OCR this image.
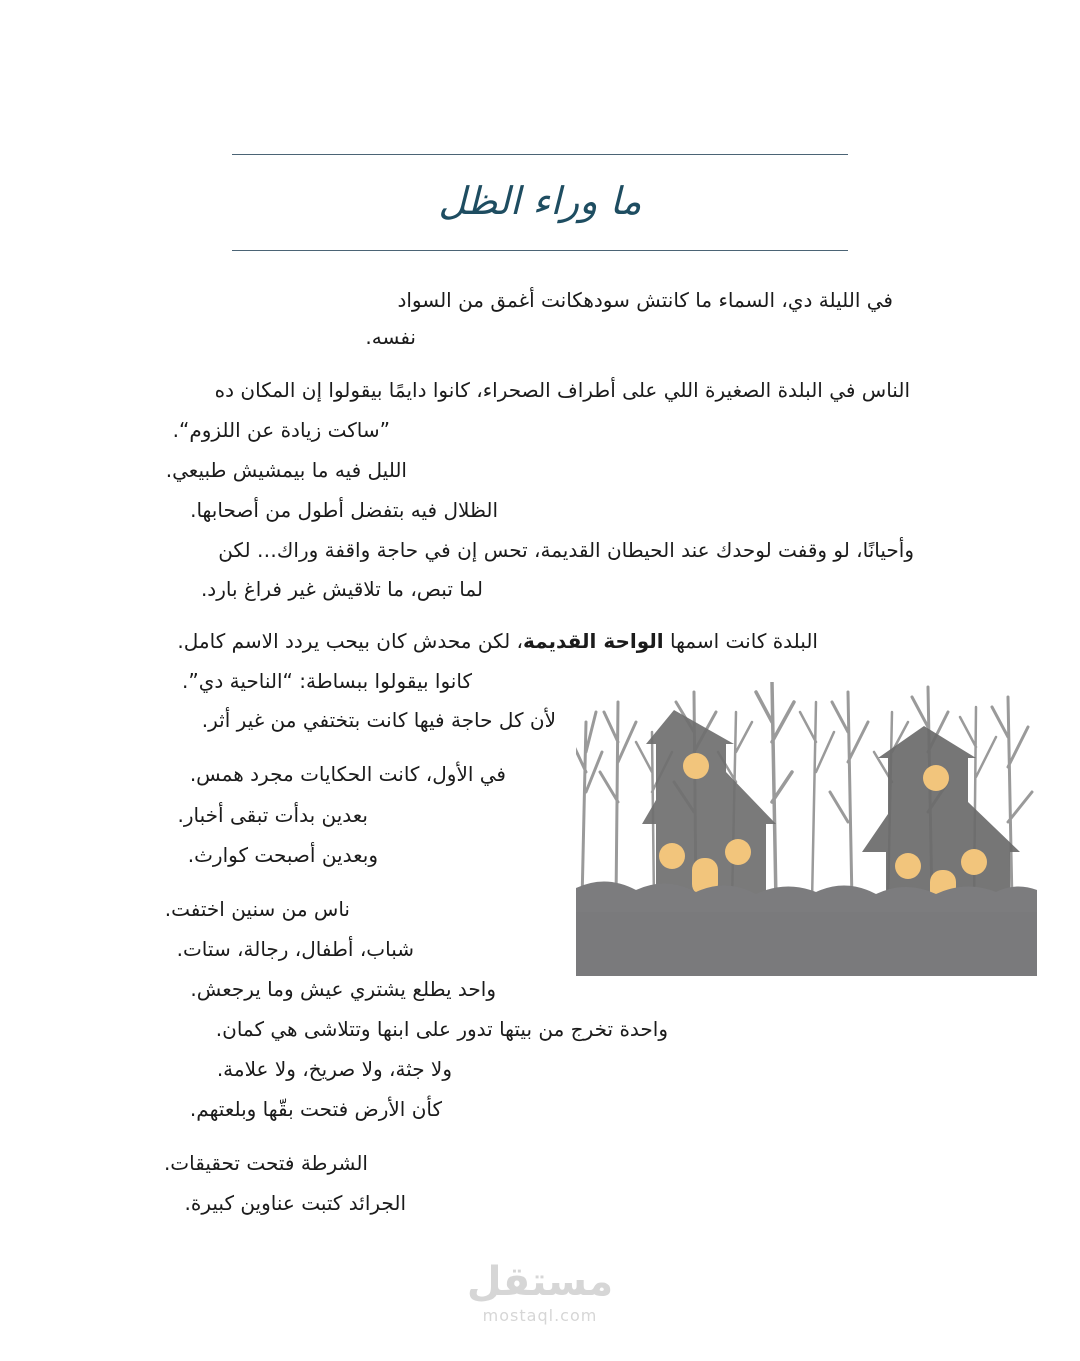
ما وراء الظل
في الليلة دي، السماء ما كانتش سودهكانت أغمق من السواد
نفسه.
الناس في البلدة الصغيرة اللي على أطراف الصحراء، كانوا دايمًا بيقولوا إن المكان ده
”ساكت زيادة عن اللزوم“.
الليل فيه ما بيمشيش طبيعي.
الظلال فيه بتفضل أطول من أصحابها.
وأحيانًا، لو وقفت لوحدك عند الحيطان القديمة، تحس إن في حاجة واقفة وراك… لكن
لما تبص، ما تلاقيش غير فراغ بارد.
البلدة كانت اسمها الواحة القديمة، لكن محدش كان بيحب يردد الاسم كامل.
كانوا بيقولوا ببساطة: “الناحية دي”.
لأن كل حاجة فيها كانت بتختفي من غير أثر.
في الأول، كانت الحكايات مجرد همس.
بعدين بدأت تبقى أخبار.
وبعدين أصبحت كوارث.
ناس من سنين اختفت.
شباب، أطفال، رجالة، ستات.
واحد يطلع يشتري عيش وما يرجعش.
واحدة تخرج من بيتها تدور على ابنها وتتلاشى هي كمان.
ولا جثة، ولا صريخ، ولا علامة.
كأن الأرض فتحت بقّها وبلعتهم.
الشرطة فتحت تحقيقات.
الجرائد كتبت عناوين كبيرة.
مستقل
mostaql.com
